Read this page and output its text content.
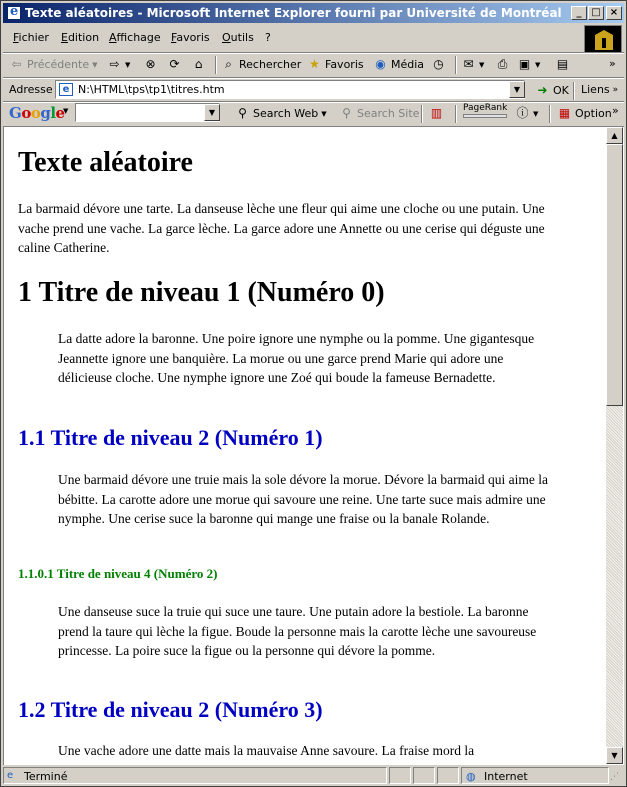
e
Texte aléatoires - Microsoft Internet Explorer fourni par Université de Montréal	_ □ ×
Fichier Edition Affichage Favoris Outils ?
⇦ Précédente ▼ ⇨ ▼ ⊗ ⟳	⌂	⌕ Rechercher ★ Favoris ◉ Média ◷ ✉ ▼ ⎙ ▣ ▼ ▤	»
Adresse	e N:\HTML\tps\tp1\titres.htm	▼	➜ OK Liens »
Google
▼	▼	⚲ Search Web ▼ ⚲ Search Site ▥ PageRank ⓘ ▼ ▦ Option »
Texte aléatoire

La barmaid dévore une tarte. La danseuse lèche une fleur qui aime une cloche ou une putain. Une vache prend une vache. La garce lèche. La garce adore une Annette ou une cerise qui déguste une caline Catherine.

1 Titre de niveau 1 (Numéro 0)

La datte adore la baronne. Une poire ignore une nymphe ou la pomme. Une gigantesque Jeannette ignore une banquière. La morue ou une garce prend Marie qui adore une délicieuse cloche. Une nymphe ignore une Zoé qui boude la fameuse Bernadette.

1.1 Titre de niveau 2 (Numéro 1)

Une barmaid dévore une truie mais la sole dévore la morue. Dévore la barmaid qui aime la bébitte. La carotte adore une morue qui savoure une reine. Une tarte suce mais admire une nymphe. Une cerise suce la baronne qui mange une fraise ou la banale Rolande.

1.1.0.1 Titre de niveau 4 (Numéro 2)

Une danseuse suce la truie qui suce une taure. Une putain adore la bestiole. La baronne prend la taure qui lèche la figue. Boude la personne mais la carotte lèche une savoureuse princesse. La poire suce la figue ou la personne qui dévore la pomme.

1.2 Titre de niveau 2 (Numéro 3)

Une vache adore une datte mais la mauvaise Anne savoure. La fraise mord la

▲
▼
e Terminé	◍ Internet	⋰
